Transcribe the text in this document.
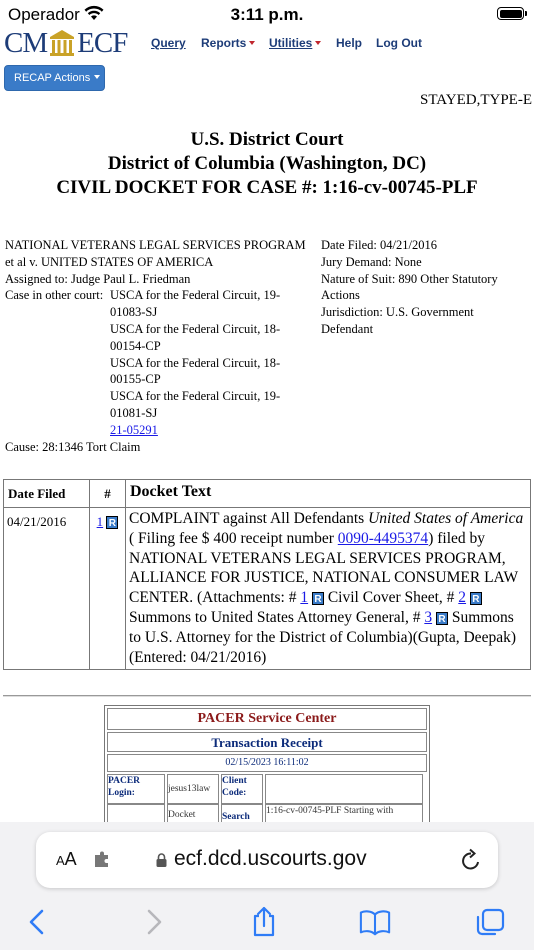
Operador	3:11 p.m.
CM ECF	Query Reports	Utilities	Help Log Out
RECAP Actions
STAYED,TYPE-E
U.S. District Court
District of Columbia (Washington, DC)
CIVIL DOCKET FOR CASE #: 1:16-cv-00745-PLF
NATIONAL VETERANS LEGAL SERVICES PROGRAM et al v. UNITED STATES OF AMERICA
Assigned to: Judge Paul L. Friedman
Case in other court: USCA for the Federal Circuit, 19-01083-SJ
USCA for the Federal Circuit, 18-00154-CP
USCA for the Federal Circuit, 18-00155-CP
USCA for the Federal Circuit, 19-01081-SJ
21-05291
Cause: 28:1346 Tort Claim
Date Filed: 04/21/2016
Jury Demand: None
Nature of Suit: 890 Other Statutory Actions
Jurisdiction: U.S. Government Defendant
Date Filed	#	Docket Text
04/21/2016	1 R	COMPLAINT against All Defendants United States of America ( Filing fee $ 400 receipt number 0090-4495374) filed by NATIONAL VETERANS LEGAL SERVICES PROGRAM, ALLIANCE FOR JUSTICE, NATIONAL CONSUMER LAW CENTER. (Attachments: # 1 R Civil Cover Sheet, # 2 R Summons to United States Attorney General, # 3 R Summons to U.S. Attorney for the District of Columbia)(Gupta, Deepak) (Entered: 04/21/2016)
PACER Service Center
Transaction Receipt
02/15/2023 16:11:02
PACER Login:	jesus13law	Client Code:	
	Docket	Search	1:16-cv-00745-PLF Starting with
AA	ecf.dcd.uscourts.gov
